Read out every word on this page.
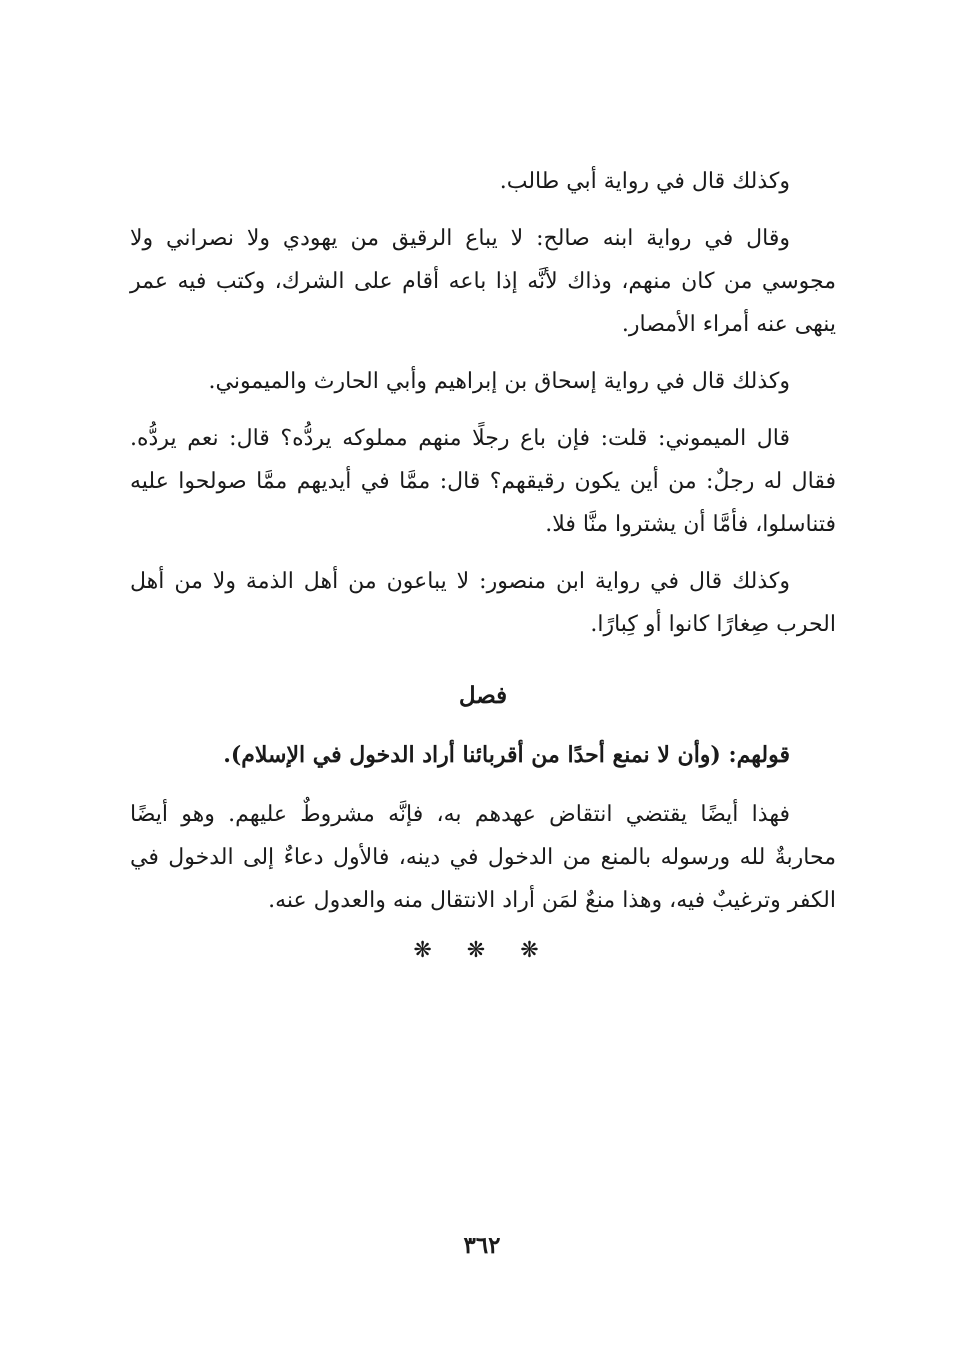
وكذلك قال في رواية أبي طالب.

وقال في رواية ابنه صالح: لا يباع الرقيق من يهودي ولا نصراني ولا مجوسي من كان منهم، وذاك لأنَّه إذا باعه أقام على الشرك، وكتب فيه عمر ينهى عنه أمراء الأمصار.

وكذلك قال في رواية إسحاق بن إبراهيم وأبي الحارث والميموني.

قال الميموني: قلت: فإن باع رجلًا منهم مملوكه يردُّه؟ قال: نعم يردُّه. فقال له رجلٌ: من أين يكون رقيقهم؟ قال: ممَّا في أيديهم ممَّا صولحوا عليه فتناسلوا، فأمَّا أن يشتروا منَّا فلا.

وكذلك قال في رواية ابن منصور: لا يباعون من أهل الذمة ولا من أهل الحرب صِغارًا كانوا أو كِبارًا.

فصل

قولهم: (وأن لا نمنع أحدًا من أقربائنا أراد الدخول في الإسلام).

فهذا أيضًا يقتضي انتقاض عهدهم به، فإنَّه مشروطٌ عليهم. وهو أيضًا محاربةٌ لله ورسوله بالمنع من الدخول في دينه، فالأول دعاءٌ إلى الدخول في الكفر وترغيبٌ فيه، وهذا منعٌ لمَن أراد الانتقال منه والعدول عنه.

❋ ❋ ❋
٣٦٢
